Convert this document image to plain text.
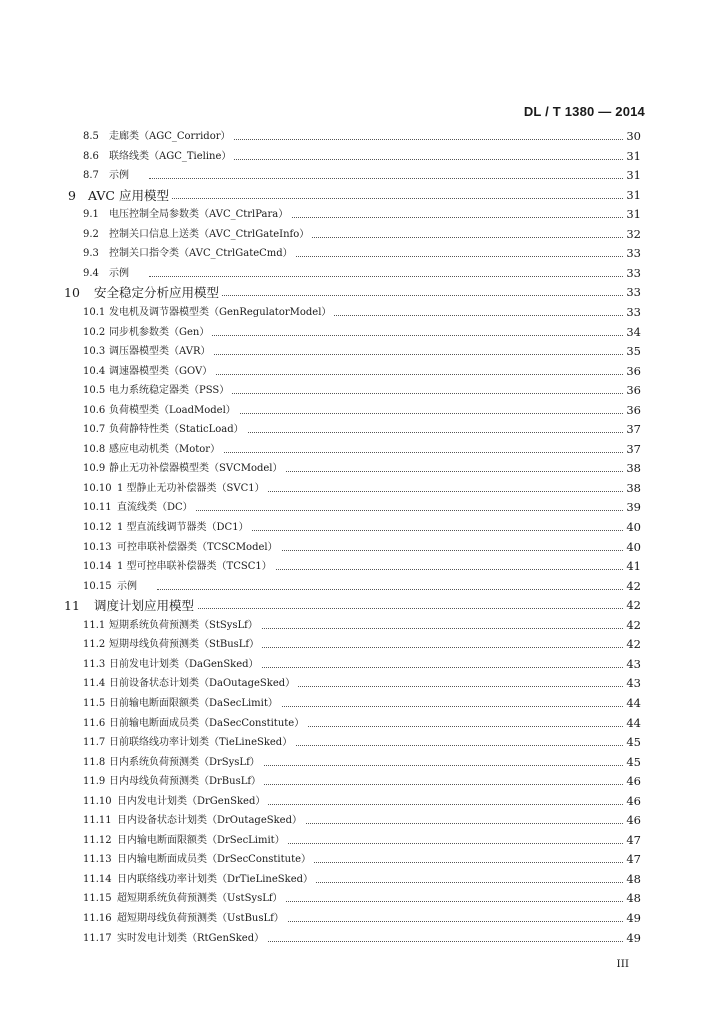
DL / T 1380 — 2014
8.5 走廊类（AGC_Corridor）	30
8.6 联络线类（AGC_Tieline）	31
8.7 示例	31
9 AVC 应用模型	31
9.1 电压控制全局参数类（AVC_CtrlPara）	31
9.2 控制关口信息上送类（AVC_CtrlGateInfo）	32
9.3 控制关口指令类（AVC_CtrlGateCmd）	33
9.4 示例	33
10 安全稳定分析应用模型	33
10.1 发电机及调节器模型类（GenRegulatorModel）	33
10.2 同步机参数类（Gen）	34
10.3 调压器模型类（AVR）	35
10.4 调速器模型类（GOV）	36
10.5 电力系统稳定器类（PSS）	36
10.6 负荷模型类（LoadModel）	36
10.7 负荷静特性类（StaticLoad）	37
10.8 感应电动机类（Motor）	37
10.9 静止无功补偿器模型类（SVCModel）	38
10.10 1 型静止无功补偿器类（SVC1）	38
10.11 直流线类（DC）	39
10.12 1 型直流线调节器类（DC1）	40
10.13 可控串联补偿器类（TCSCModel）	40
10.14 1 型可控串联补偿器类（TCSC1）	41
10.15 示例	42
11 调度计划应用模型	42
11.1 短期系统负荷预测类（StSysLf）	42
11.2 短期母线负荷预测类（StBusLf）	42
11.3 日前发电计划类（DaGenSked）	43
11.4 日前设备状态计划类（DaOutageSked）	43
11.5 日前输电断面限额类（DaSecLimit）	44
11.6 日前输电断面成员类（DaSecConstitute）	44
11.7 日前联络线功率计划类（TieLineSked）	45
11.8 日内系统负荷预测类（DrSysLf）	45
11.9 日内母线负荷预测类（DrBusLf）	46
11.10 日内发电计划类（DrGenSked）	46
11.11 日内设备状态计划类（DrOutageSked）	46
11.12 日内输电断面限额类（DrSecLimit）	47
11.13 日内输电断面成员类（DrSecConstitute）	47
11.14 日内联络线功率计划类（DrTieLineSked）	48
11.15 超短期系统负荷预测类（UstSysLf）	48
11.16 超短期母线负荷预测类（UstBusLf）	49
11.17 实时发电计划类（RtGenSked）	49
III
